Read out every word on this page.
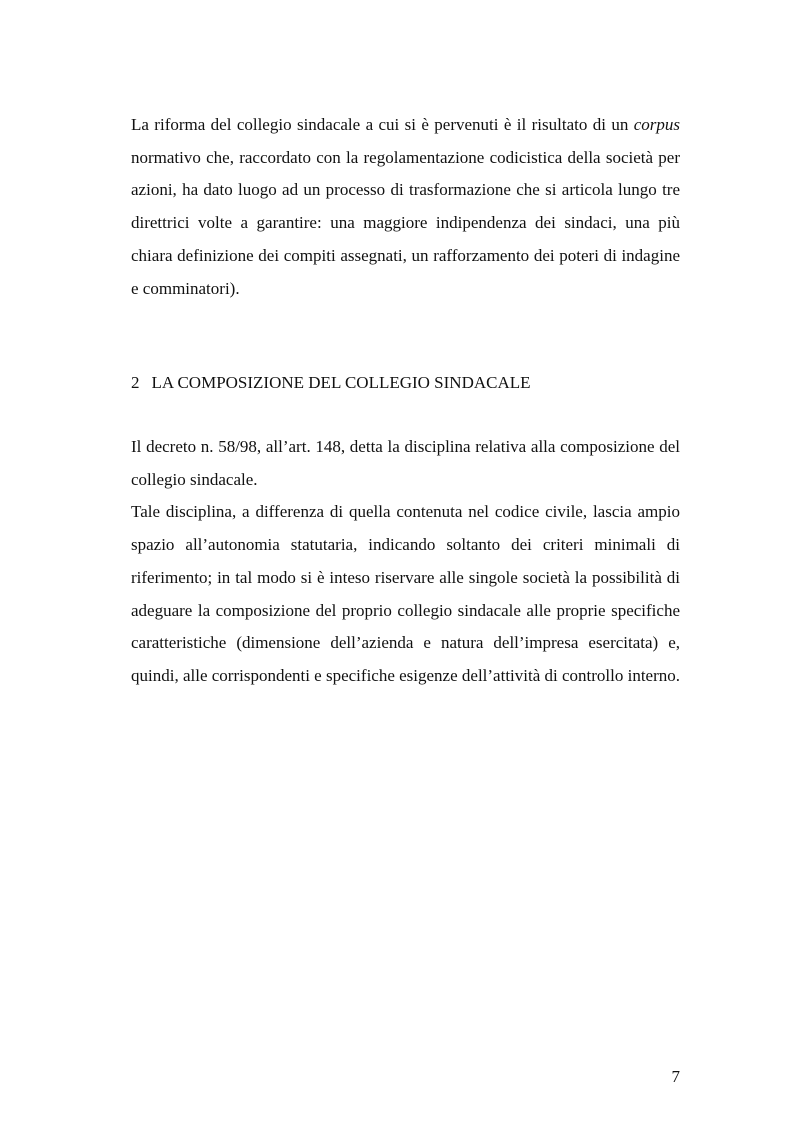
La riforma del collegio sindacale a cui si è pervenuti è il risultato di un corpus normativo che, raccordato con la regolamentazione codicistica della società per azioni, ha dato luogo ad un processo di trasformazione che si articola lungo tre direttrici volte a garantire: una maggiore indipendenza dei sindaci, una più chiara definizione dei compiti assegnati, un rafforzamento dei poteri di indagine e comminatori).

2 LA COMPOSIZIONE DEL COLLEGIO SINDACALE
Il decreto n. 58/98, all’art. 148, detta la disciplina relativa alla composizione del collegio sindacale.
Tale disciplina, a differenza di quella contenuta nel codice civile, lascia ampio spazio all’autonomia statutaria, indicando soltanto dei criteri minimali di riferimento; in tal modo si è inteso riservare alle singole società la possibilità di adeguare la composizione del proprio collegio sindacale alle proprie specifiche caratteristiche (dimensione dell’azienda e natura dell’impresa esercitata) e, quindi, alle corrispondenti e specifiche esigenze dell’attività di controllo interno.
7
